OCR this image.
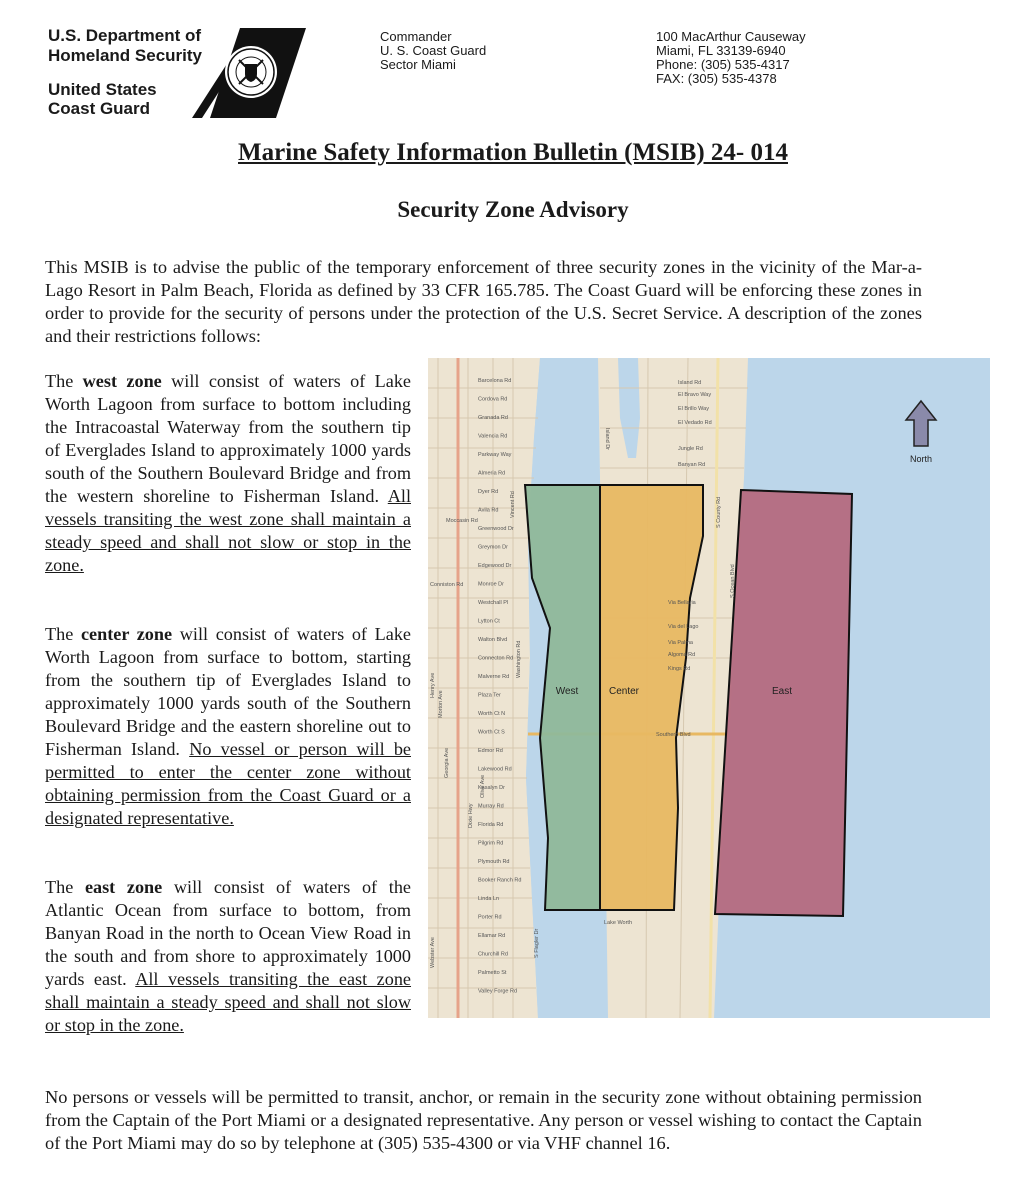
U.S. Department of
Homeland Security
United States
Coast Guard
Commander
U. S. Coast Guard
Sector Miami
100 MacArthur Causeway
Miami, FL 33139-6940
Phone: (305) 535-4317
FAX: (305) 535-4378
Marine Safety Information Bulletin (MSIB) 24- 014
Security Zone Advisory
This MSIB is to advise the public of the temporary enforcement of three security zones in the vicinity of the Mar-a-Lago Resort in Palm Beach, Florida as defined by 33 CFR 165.785. The Coast Guard will be enforcing these zones in order to provide for the security of persons under the protection of the U.S. Secret Service. A description of the zones and their restrictions follows:
The west zone will consist of waters of Lake Worth Lagoon from surface to bottom including the Intracoastal Waterway from the southern tip of Everglades Island to approximately 1000 yards south of the Southern Boulevard Bridge and from the western shoreline to Fisherman Island. All vessels transiting the west zone shall maintain a steady speed and shall not slow or stop in the zone.
The center zone will consist of waters of Lake Worth Lagoon from surface to bottom, starting from the southern tip of Everglades Island to approximately 1000 yards south of the Southern Boulevard Bridge and the eastern shoreline out to Fisherman Island. No vessel or person will be permitted to enter the center zone without obtaining permission from the Coast Guard or a designated representative.
The east zone will consist of waters of the Atlantic Ocean from surface to bottom, from Banyan Road in the north to Ocean View Road in the south and from shore to approximately 1000 yards east. All vessels transiting the east zone shall maintain a steady speed and shall not slow or stop in the zone.
North
West	Center	East
Barcelona Rd
Cordova Rd
Granada Rd
Valencia Rd
Parkway Way
Almeria Rd
Dyer Rd
Avila Rd
Greenwood Dr
Greymon Dr
Edgewood Dr
Monroe Dr
Westchall Pl
Lytton Ct
Walton Blvd
Connecton Rd
Malverne Rd
Plaza Ter
Worth Ct N
Worth Ct S
Edmor Rd
Lakewood Rd
Kasalyn Dr
Murray Rd
Florida Rd
Pilgrim Rd
Plymouth Rd
Booker Ranch Rd
Linda Ln
Porter Rd
Ellamar Rd
Churchill Rd
Palmetto St
Valley Forge Rd
Vincent Rd
Washington Rd
Dixie Hwy
Georgia Ave
Olive Ave
Henry Ave
Morton Ave
Webster Ave	S Flagler Dr
Island Rd
El Bravo Way
El Brillo Way
El Vedado Rd
Jungle Rd
Banyan Rd
Via Bellaria
Via del Lago
Via Palma
Algoma Rd
Kings Rd
S County Rd
S Ocean Blvd
Lake Worth
Southern Blvd
Island Dr
Moccasin Rd
Conniston Rd
No persons or vessels will be permitted to transit, anchor, or remain in the security zone without obtaining permission from the Captain of the Port Miami or a designated representative. Any person or vessel wishing to contact the Captain of the Port Miami may do so by telephone at (305) 535-4300 or via VHF channel 16.
